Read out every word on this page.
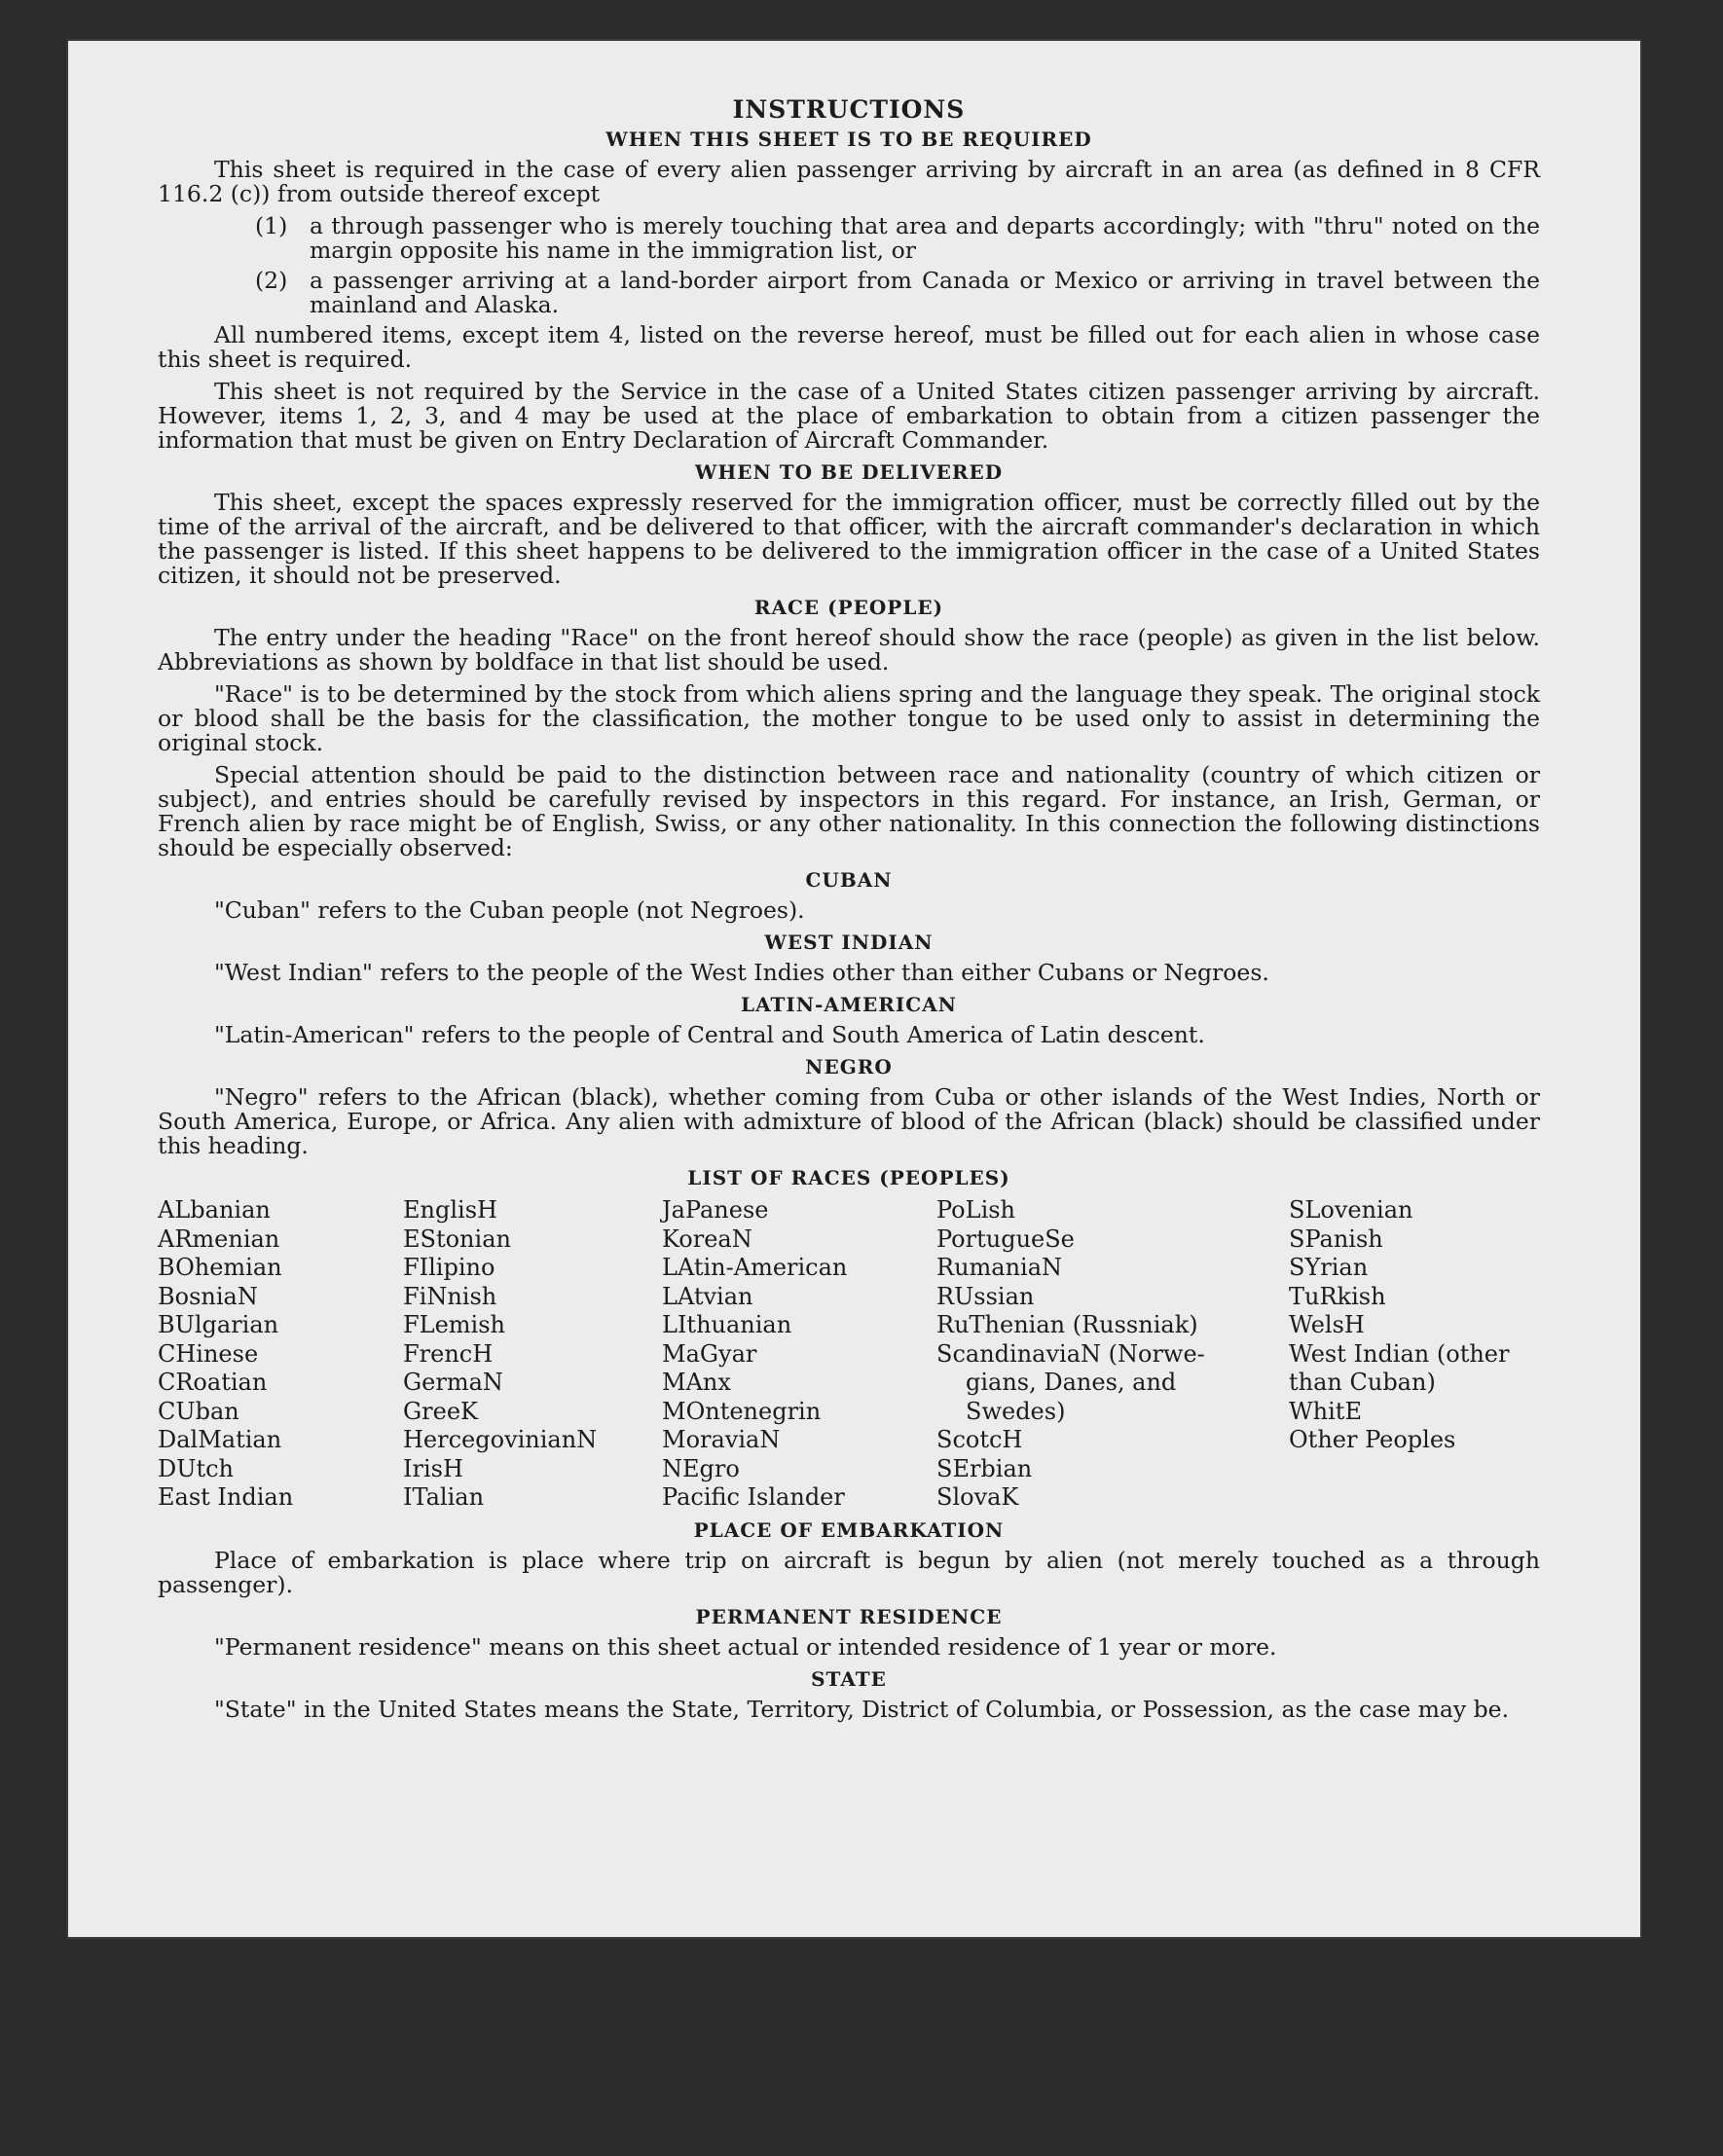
INSTRUCTIONS
WHEN THIS SHEET IS TO BE REQUIRED

This sheet is required in the case of every alien passenger arriving by aircraft in an area (as defined in 8 CFR 116.2 (c)) from outside thereof except

(1) a through passenger who is merely touching that area and departs accordingly; with "thru" noted on the margin opposite his name in the immigration list, or
(2) a passenger arriving at a land-border airport from Canada or Mexico or arriving in travel between the mainland and Alaska.

All numbered items, except item 4, listed on the reverse hereof, must be filled out for each alien in whose case this sheet is required.

This sheet is not required by the Service in the case of a United States citizen passenger arriving by aircraft. However, items 1, 2, 3, and 4 may be used at the place of embarkation to obtain from a citizen passenger the information that must be given on Entry Declaration of Aircraft Commander.

WHEN TO BE DELIVERED

This sheet, except the spaces expressly reserved for the immigration officer, must be correctly filled out by the time of the arrival of the aircraft, and be delivered to that officer, with the aircraft commander's declaration in which the passenger is listed. If this sheet happens to be delivered to the immigration officer in the case of a United States citizen, it should not be preserved.

RACE (PEOPLE)

The entry under the heading "Race" on the front hereof should show the race (people) as given in the list below. Abbreviations as shown by boldface in that list should be used.

"Race" is to be determined by the stock from which aliens spring and the language they speak. The original stock or blood shall be the basis for the classification, the mother tongue to be used only to assist in determining the original stock.

Special attention should be paid to the distinction between race and nationality (country of which citizen or subject), and entries should be carefully revised by inspectors in this regard. For instance, an Irish, German, or French alien by race might be of English, Swiss, or any other nationality. In this connection the following distinctions should be especially observed:

CUBAN

"Cuban" refers to the Cuban people (not Negroes).

WEST INDIAN

"West Indian" refers to the people of the West Indies other than either Cubans or Negroes.

LATIN-AMERICAN

"Latin-American" refers to the people of Central and South America of Latin descent.

NEGRO

"Negro" refers to the African (black), whether coming from Cuba or other islands of the West Indies, North or South America, Europe, or Africa. Any alien with admixture of blood of the African (black) should be classified under this heading.

LIST OF RACES (PEOPLES)
ALbanian
ARmenian
BOhemian
BosniaN
BUlgarian
CHinese
CRoatian
CUban
DalMatian
DUtch
East Indian
EnglisH
EStonian
FIlipino
FiNnish
FLemish
FrencH
GermaN
GreeK
HercegovinianN
IrisH
ITalian
JaPanese
KoreaN
LAtin-American
LAtvian
LIthuanian
MaGyar
MAnx
MOntenegrin
MoraviaN
NEgro
Pacific Islander
PoLish
PortugueSe
RumaniaN
RUssian
RuThenian (Russniak)
ScandinaviaN (Norwe-
gians, Danes, and
Swedes)
ScotcH
SErbian
SlovaK
SLovenian
SPanish
SYrian
TuRkish
WelsH
West Indian (other
than Cuban)
WhitE
Other Peoples
PLACE OF EMBARKATION

Place of embarkation is place where trip on aircraft is begun by alien (not merely touched as a through passenger).

PERMANENT RESIDENCE

"Permanent residence" means on this sheet actual or intended residence of 1 year or more.

STATE

"State" in the United States means the State, Territory, District of Columbia, or Possession, as the case may be.
